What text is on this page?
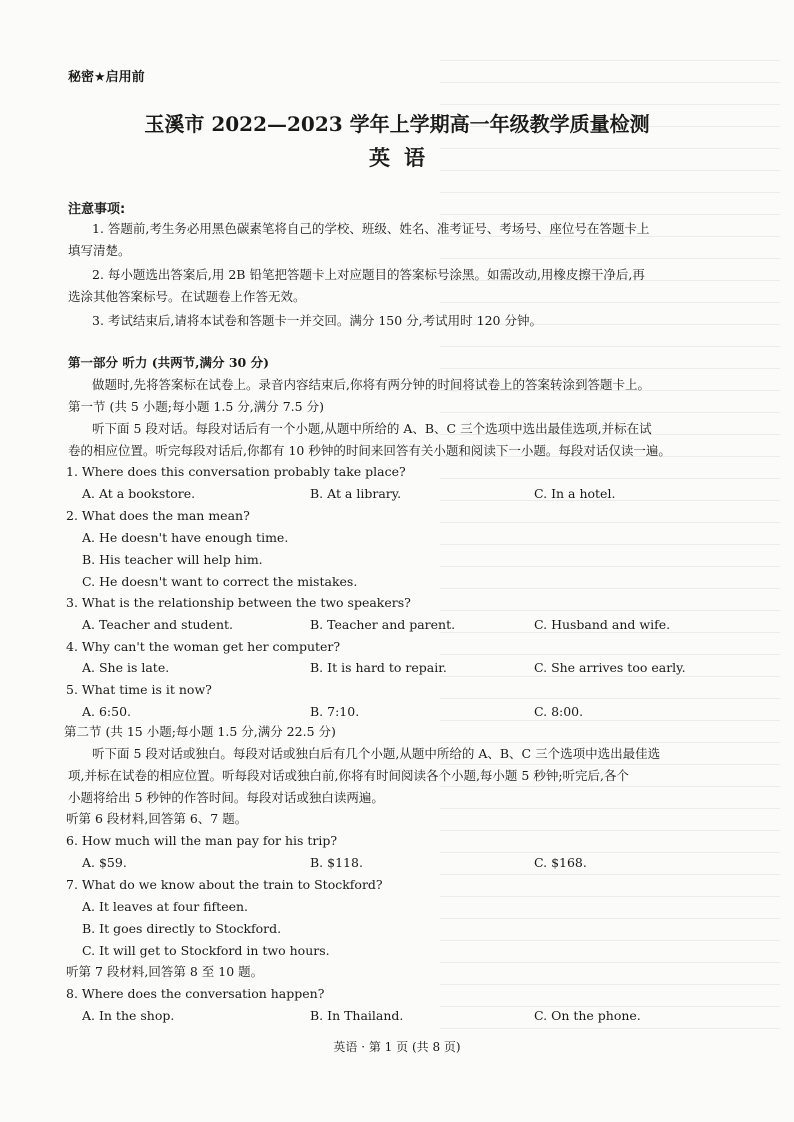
秘密★启用前
玉溪市 2022—2023 学年上学期高一年级教学质量检测
英语
注意事项:
1. 答题前,考生务必用黑色碳素笔将自己的学校、班级、姓名、准考证号、考场号、座位号在答题卡上
填写清楚。
2. 每小题选出答案后,用 2B 铅笔把答题卡上对应题目的答案标号涂黑。如需改动,用橡皮擦干净后,再
选涂其他答案标号。在试题卷上作答无效。
3. 考试结束后,请将本试卷和答题卡一并交回。满分 150 分,考试用时 120 分钟。
第一部分 听力 (共两节,满分 30 分)
做题时,先将答案标在试卷上。录音内容结束后,你将有两分钟的时间将试卷上的答案转涂到答题卡上。
第一节 (共 5 小题;每小题 1.5 分,满分 7.5 分)
听下面 5 段对话。每段对话后有一个小题,从题中所给的 A、B、C 三个选项中选出最佳选项,并标在试
卷的相应位置。听完每段对话后,你都有 10 秒钟的时间来回答有关小题和阅读下一小题。每段对话仅读一遍。
1. Where does this conversation probably take place?
A. At a bookstore.	B. At a library.	C. In a hotel.
2. What does the man mean?
A. He doesn't have enough time.
B. His teacher will help him.
C. He doesn't want to correct the mistakes.
3. What is the relationship between the two speakers?
A. Teacher and student.	B. Teacher and parent.	C. Husband and wife.
4. Why can't the woman get her computer?
A. She is late.	B. It is hard to repair.	C. She arrives too early.
5. What time is it now?
A. 6:50.	B. 7:10.	C. 8:00.
第二节 (共 15 小题;每小题 1.5 分,满分 22.5 分)
听下面 5 段对话或独白。每段对话或独白后有几个小题,从题中所给的 A、B、C 三个选项中选出最佳选
项,并标在试卷的相应位置。听每段对话或独白前,你将有时间阅读各个小题,每小题 5 秒钟;听完后,各个
小题将给出 5 秒钟的作答时间。每段对话或独白读两遍。
听第 6 段材料,回答第 6、7 题。
6. How much will the man pay for his trip?
A. $59.	B. $118.	C. $168.
7. What do we know about the train to Stockford?
A. It leaves at four fifteen.
B. It goes directly to Stockford.
C. It will get to Stockford in two hours.
听第 7 段材料,回答第 8 至 10 题。
8. Where does the conversation happen?
A. In the shop.	B. In Thailand.	C. On the phone.
英语 · 第 1 页 (共 8 页)
